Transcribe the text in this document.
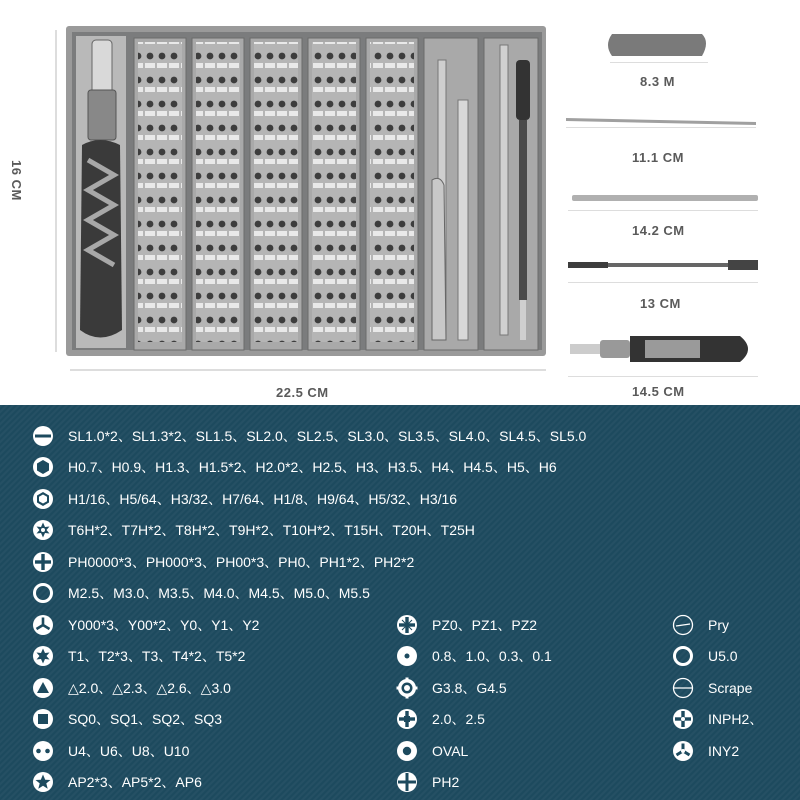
16 CM
22.5 CM
8.3 M
11.1 CM
14.2 CM
13 CM
14.5 CM
SL1.0*2、SL1.3*2、SL1.5、SL2.0、SL2.5、SL3.0、SL3.5、SL4.0、SL4.5、SL5.0
H0.7、H0.9、H1.3、H1.5*2、H2.0*2、H2.5、H3、H3.5、H4、H4.5、H5、H6
H1/16、H5/64、H3/32、H7/64、H1/8、H9/64、H5/32、H3/16
T6H*2、T7H*2、T8H*2、T9H*2、T10H*2、T15H、T20H、T25H
PH0000*3、PH000*3、PH00*3、PH0、PH1*2、PH2*2
M2.5、M3.0、M3.5、M4.0、M4.5、M5.0、M5.5
Y000*3、Y00*2、Y0、Y1、Y2
T1、T2*3、T3、T4*2、T5*2
△2.0、△2.3、△2.6、△3.0
SQ0、SQ1、SQ2、SQ3
U4、U6、U8、U10
AP2*3、AP5*2、AP6
PZ0、PZ1、PZ2
0.8、1.0、0.3、0.1
G3.8、G4.5
2.0、2.5
OVAL
PH2
Pry
U5.0
Scrape
INPH2、
INY2
